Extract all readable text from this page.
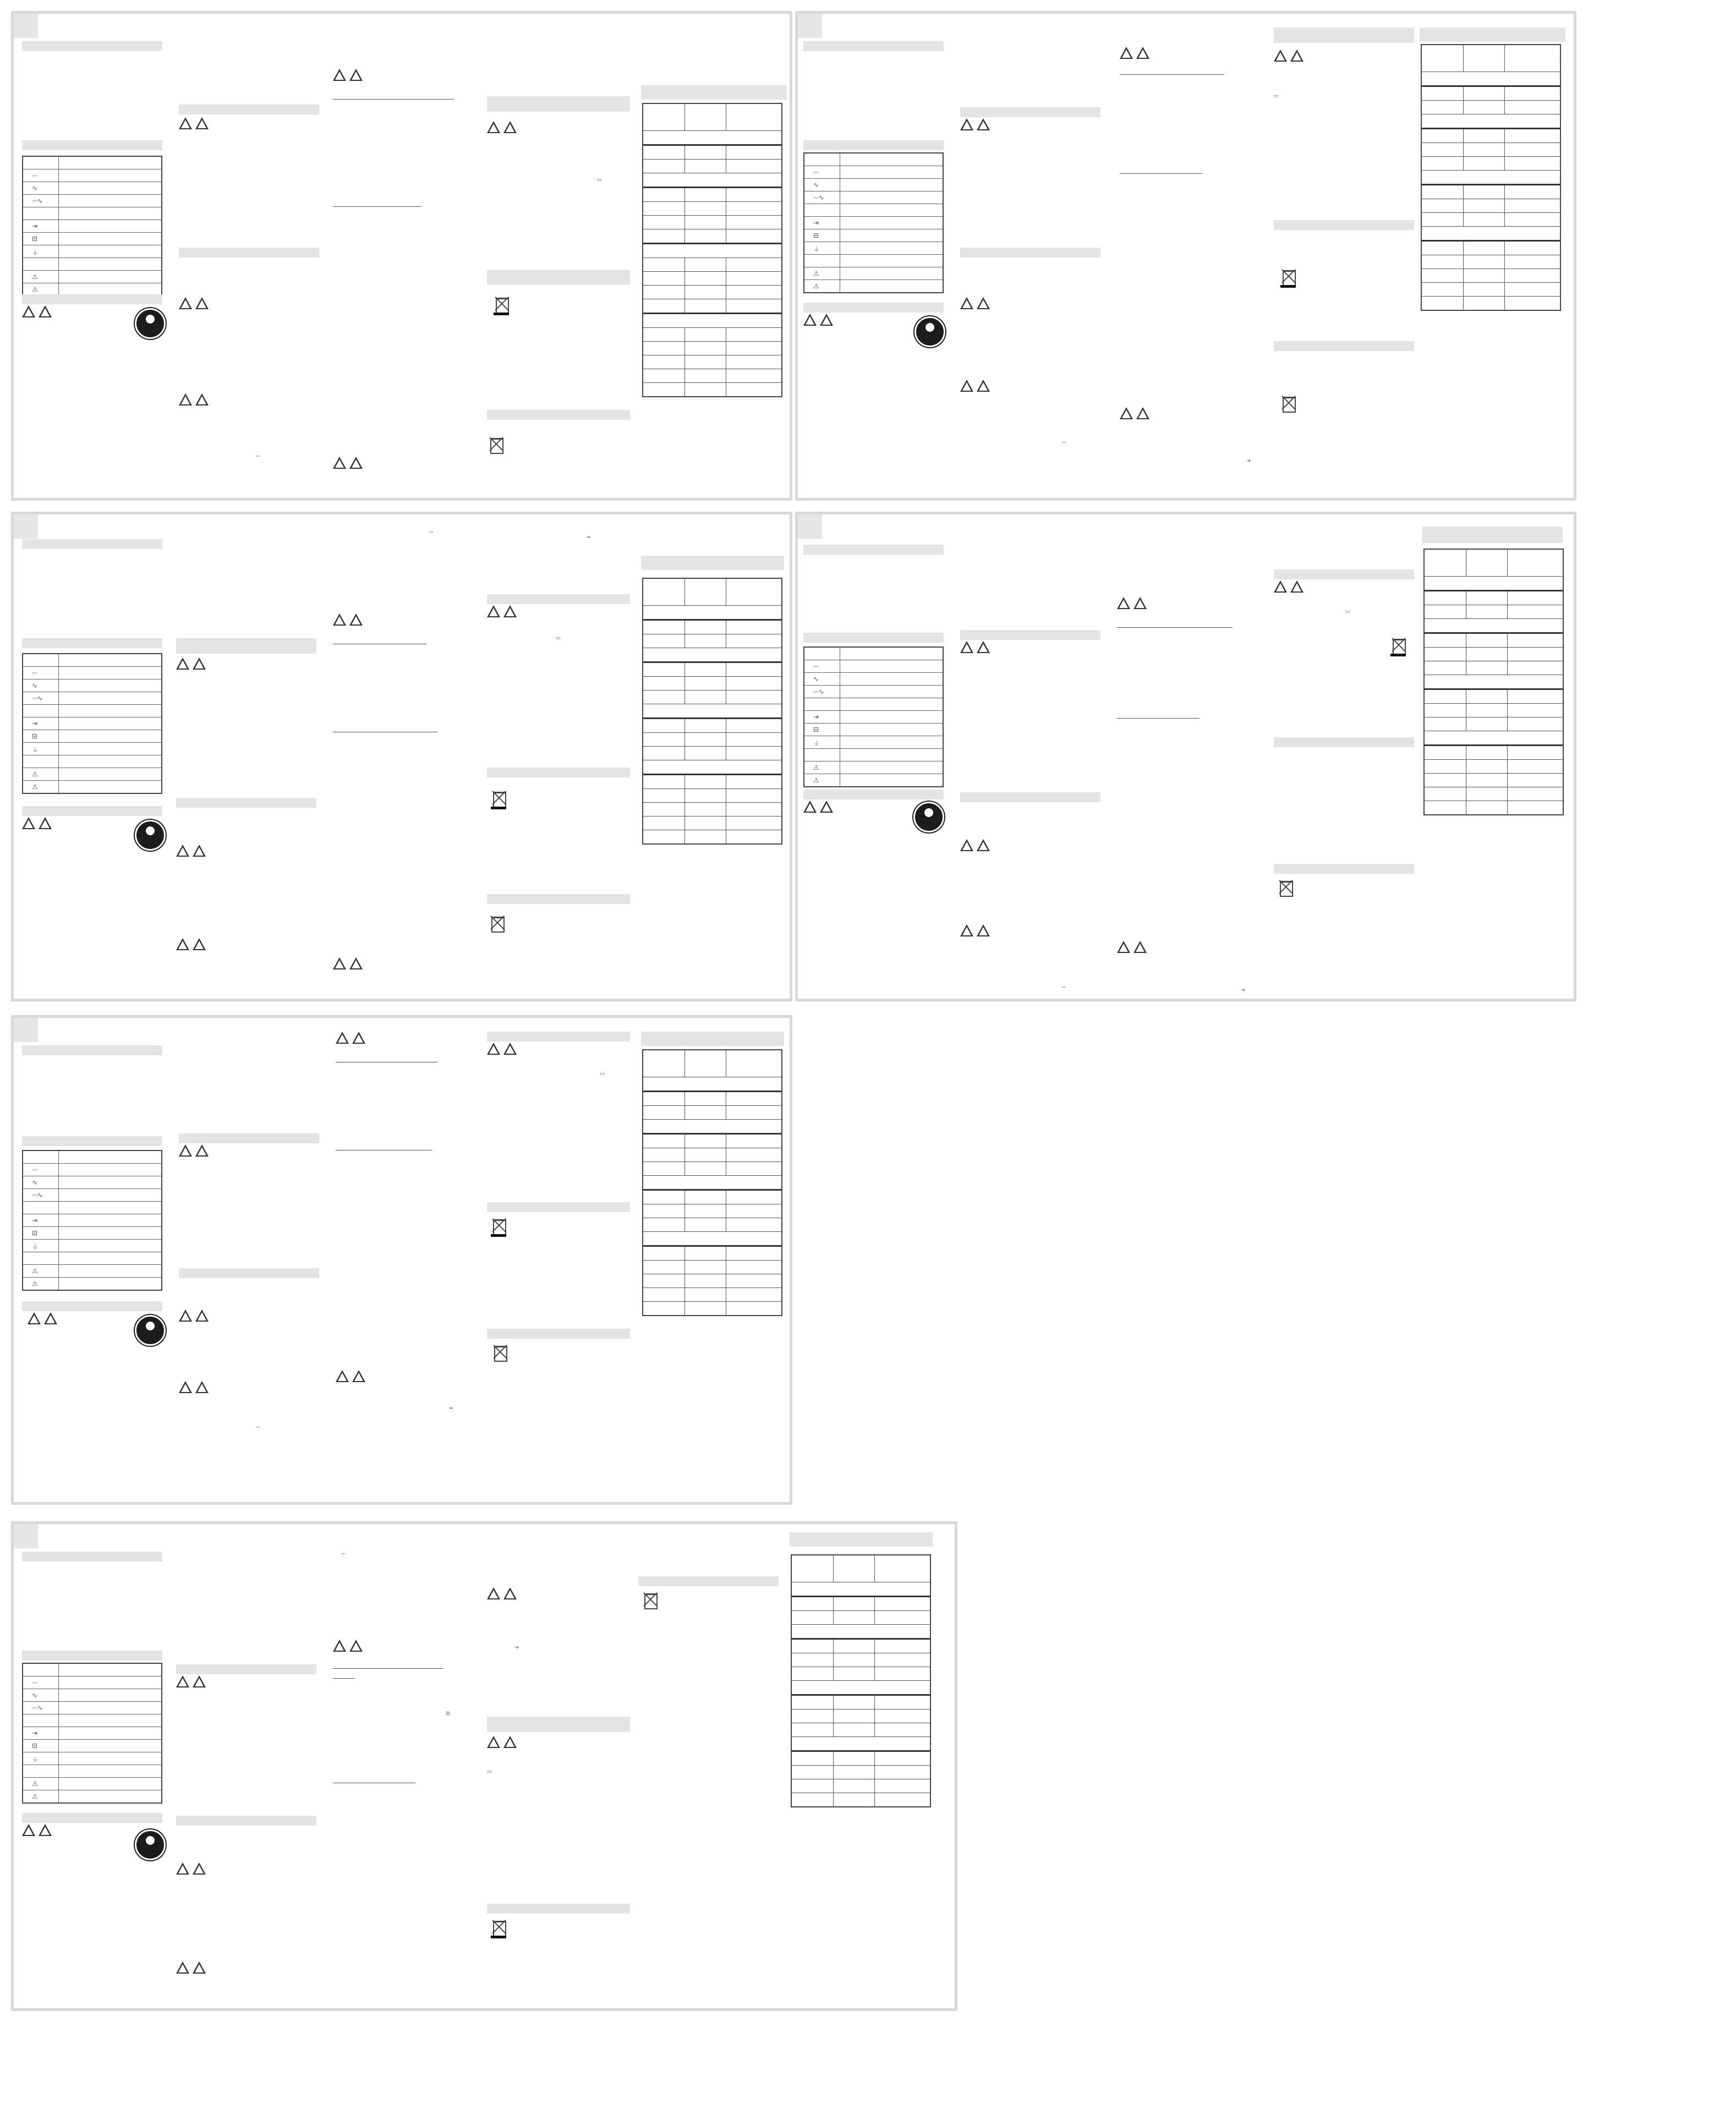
⎓
∿
⎓∿
⇥
⊟
⏚
⚠
⚠
⎓
▭
⎓
∿
⎓∿
⇥
⊟
⏚
⚠
⚠
⎓
⇥
▭
⎓
∿
⎓∿
⇥
⊟
⏚
⚠
⚠
⎓
⇥
▭
⎓
∿
⎓∿
⇥
⊟
⏚
⚠
⚠
⎓	⇥
▭
⎓
∿
⎓∿
⇥
⊟
⏚
⚠
⚠
⎓
⇥
▭
⎓
∿
⎓∿
⇥
⊟
⏚
⚠
⚠
⎓
⊟
⇥
▭
